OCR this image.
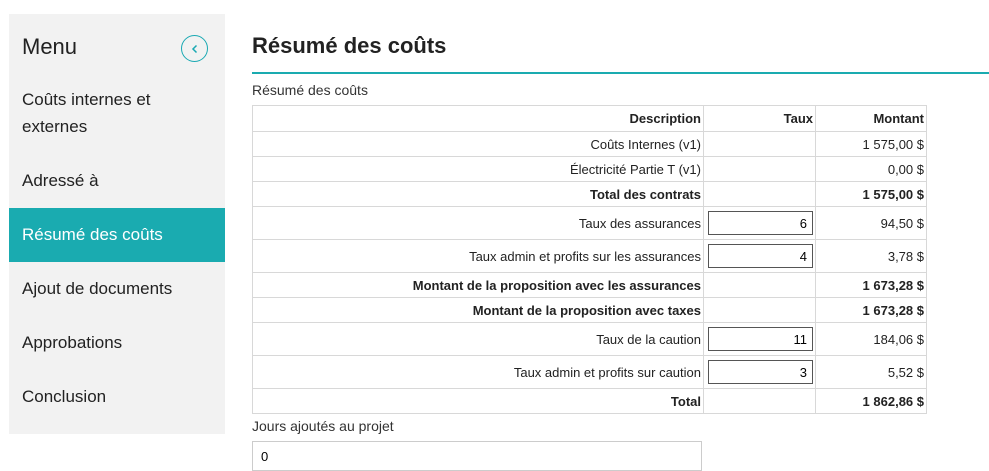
Menu
Coûts internes et externes
Adressé à
Résumé des coûts
Ajout de documents
Approbations
Conclusion
Résumé des coûts
Résumé des coûts
Description	Taux	Montant
Coûts Internes (v1)		1 575,00 $
Électricité Partie T (v1)		0,00 $
Total des contrats		1 575,00 $
Taux des assurances	6	94,50 $
Taux admin et profits sur les assurances	4	3,78 $
Montant de la proposition avec les assurances		1 673,28 $
Montant de la proposition avec taxes		1 673,28 $
Taux de la caution	11	184,06 $
Taux admin et profits sur caution	3	5,52 $
Total		1 862,86 $
Jours ajoutés au projet
0
